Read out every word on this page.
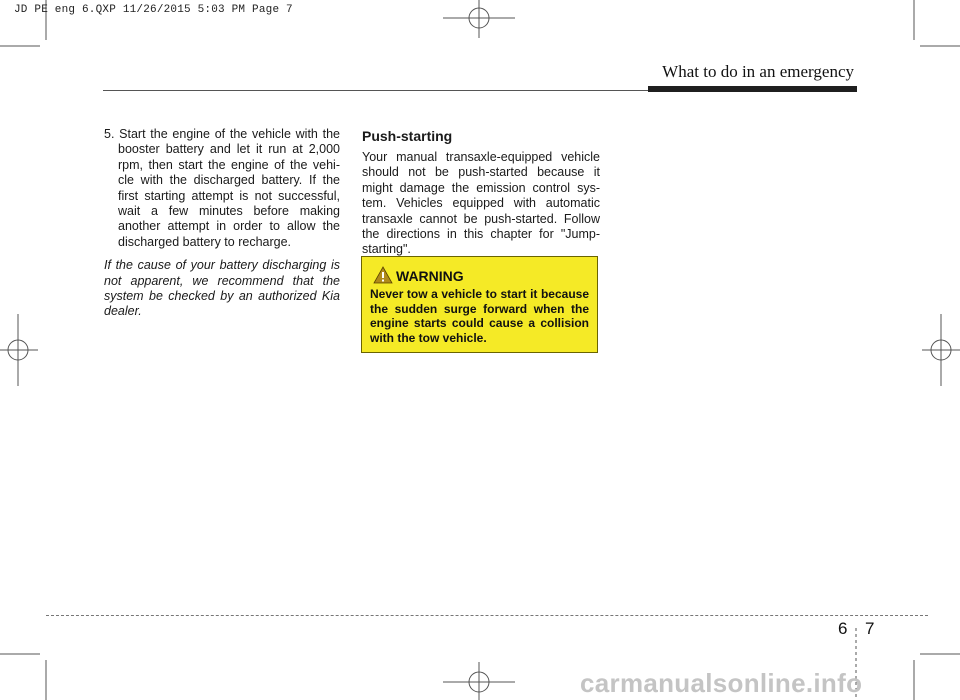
JD PE eng 6.QXP 11/26/2015 5:03 PM Page 7
What to do in an emergency

5. Start the engine of the vehicle with the booster battery and let it run at 2,000 rpm, then start the engine of the vehi-cle with the discharged battery. If the first starting attempt is not successful, wait a few minutes before making another attempt in order to allow the discharged battery to recharge.

If the cause of your battery discharging is not apparent, we recommend that the system be checked by an authorized Kia dealer.
Push-starting

Your manual transaxle-equipped vehicle should not be push-started because it might damage the emission control sys-tem. Vehicles equipped with automatic transaxle cannot be push-started. Follow the directions in this chapter for "Jump-starting".

WARNING
Never tow a vehicle to start it because the sudden surge forward when the engine starts could cause a collision with the tow vehicle.
6 7
carmanualsonline.info
